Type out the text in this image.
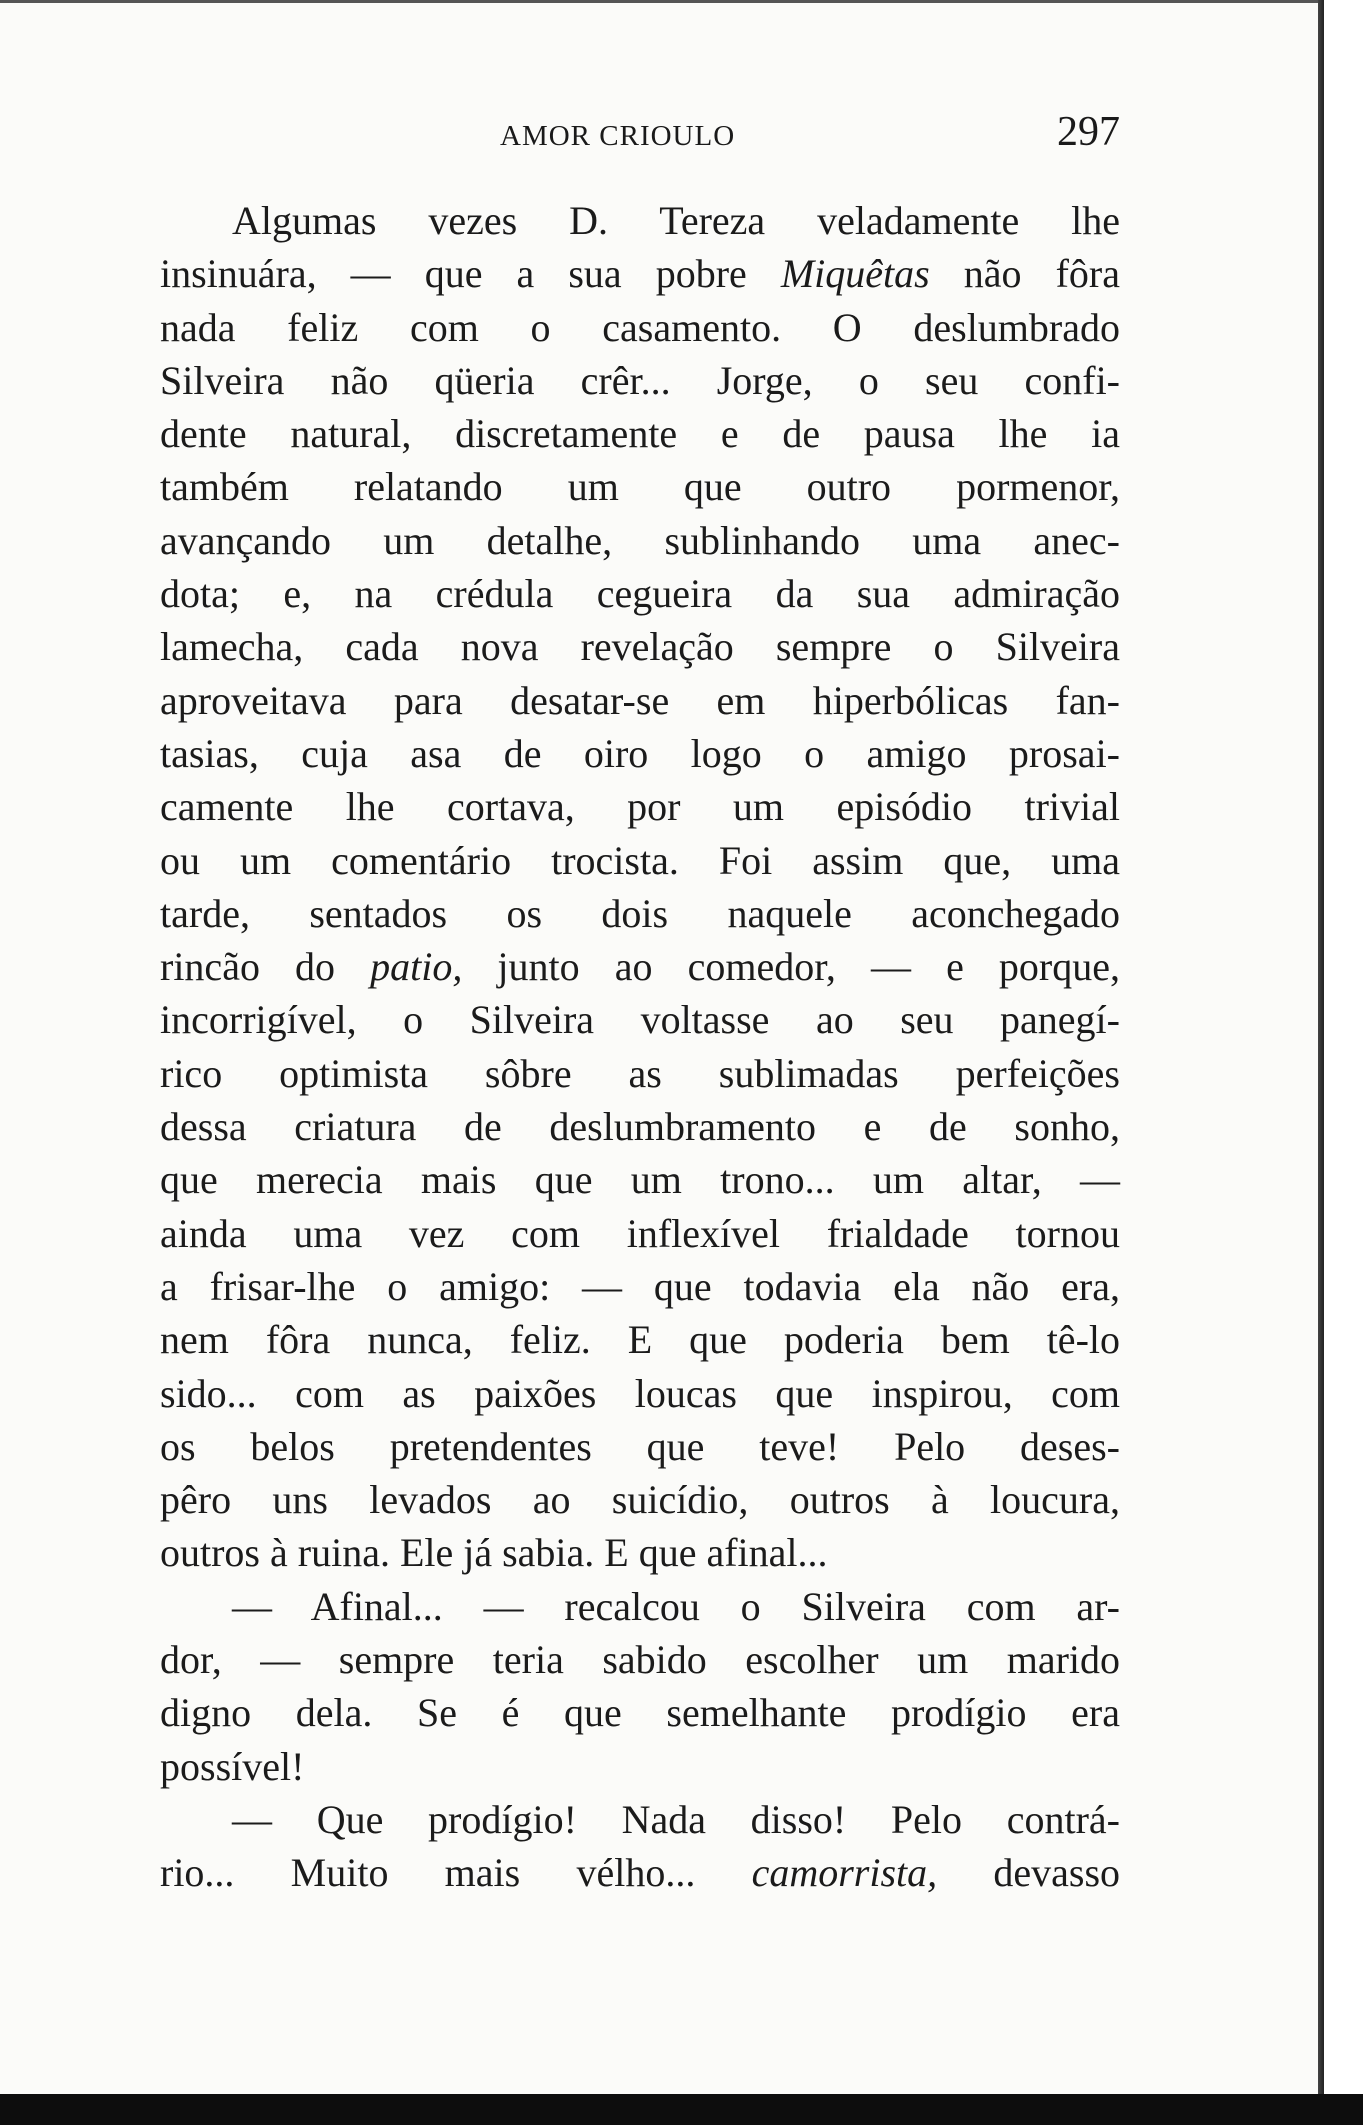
AMOR CRIOULO	297
Algumas vezes D. Tereza veladamente lhe
insinuára, — que a sua pobre Miquêtas não fôra
nada feliz com o casamento. O deslumbrado
Silveira não qüeria crêr... Jorge, o seu confi-
dente natural, discretamente e de pausa lhe ia
também relatando um que outro pormenor,
avançando um detalhe, sublinhando uma anec-
dota; e, na crédula cegueira da sua admiração
lamecha, cada nova revelação sempre o Silveira
aproveitava para desatar-se em hiperbólicas fan-
tasias, cuja asa de oiro logo o amigo prosai-
camente lhe cortava, por um episódio trivial
ou um comentário trocista. Foi assim que, uma
tarde, sentados os dois naquele aconchegado
rincão do patio, junto ao comedor, — e porque,
incorrigível, o Silveira voltasse ao seu panegí-
rico optimista sôbre as sublimadas perfeições
dessa criatura de deslumbramento e de sonho,
que merecia mais que um trono... um altar, —
ainda uma vez com inflexível frialdade tornou
a frisar-lhe o amigo: — que todavia ela não era,
nem fôra nunca, feliz. E que poderia bem tê-lo
sido... com as paixões loucas que inspirou, com
os belos pretendentes que teve! Pelo deses-
pêro uns levados ao suicídio, outros à loucura,
outros à ruina. Ele já sabia. E que afinal...
— Afinal... — recalcou o Silveira com ar-
dor, — sempre teria sabido escolher um marido
digno dela. Se é que semelhante prodígio era
possível!
— Que prodígio! Nada disso! Pelo contrá-
rio... Muito mais vélho... camorrista, devasso
